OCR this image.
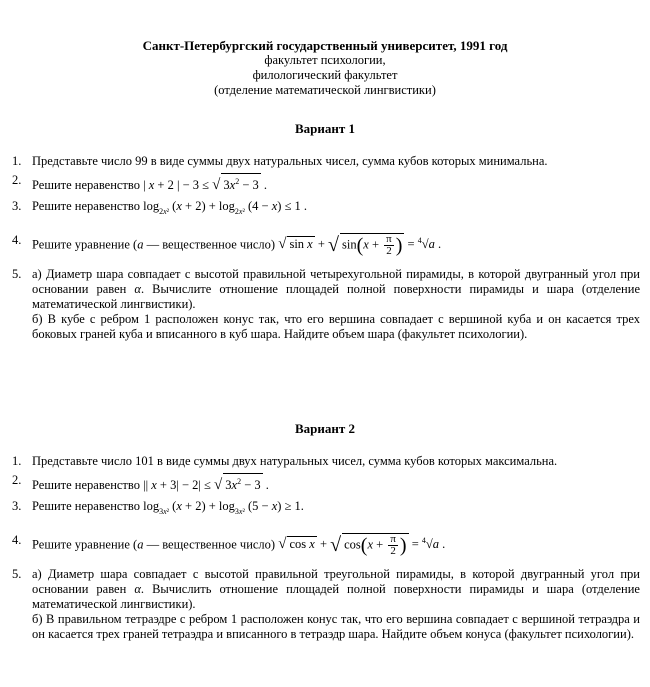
Санкт-Петербургский государственный университет, 1991 год
факультет психологии,
филологический факультет
(отделение математической лингвистики)
Вариант 1
1. Представьте число 99 в виде суммы двух натуральных чисел, сумма кубов которых минимальна.
2. Решите неравенство | x + 2 | − 3 ≤ √ $3x^2 - 3$ .
3. Решите неравенство $\log_{2x^2} (x + 2) + \log_{2x^2} (4 - x) \le 1$ .
4. Решите уравнение (a — вещественное число) √ sin x + √ $\sin(x + \frac{\pi}{2}$ ) = $^4$√a .
5. а) Диаметр шара совпадает с высотой правильной четырехугольной пирамиды, в которой двугранный угол при основании равен α. Вычислите отношение площадей полной поверхности пирамиды и шара (отделение математической лингвистики).
б) В кубе с ребром 1 расположен конус так, что его вершина совпадает с вершиной куба и он касается трех боковых граней куба и вписанного в куб шара. Найдите объем шара (факультет психологии).
Вариант 2
1. Представьте число 101 в виде суммы двух натуральных чисел, сумма кубов которых максимальна.
2. Решите неравенство || x + 3| − 2| ≤ √ $3x^2 - 3$ .
3. Решите неравенство $\log_{3x^2} (x + 2) + \log_{3x^2} (5 - x) \ge 1$.
4. Решите уравнение (a — вещественное число) √ cos x + √ $\cos(x + \frac{\pi}{2}$ ) = $^4$√a .
5. а) Диаметр шара совпадает с высотой правильной треугольной пирамиды, в которой двугранный угол при основании равен α. Вычислить отношение площадей полной поверхности пирамиды и шара (отделение математической лингвистики).
б) В правильном тетраэдре с ребром 1 расположен конус так, что его вершина совпадает с вершиной тетраэдра и он касается трех граней тетраэдра и вписанного в тетраэдр шара. Найдите объем конуса (факультет психологии).
